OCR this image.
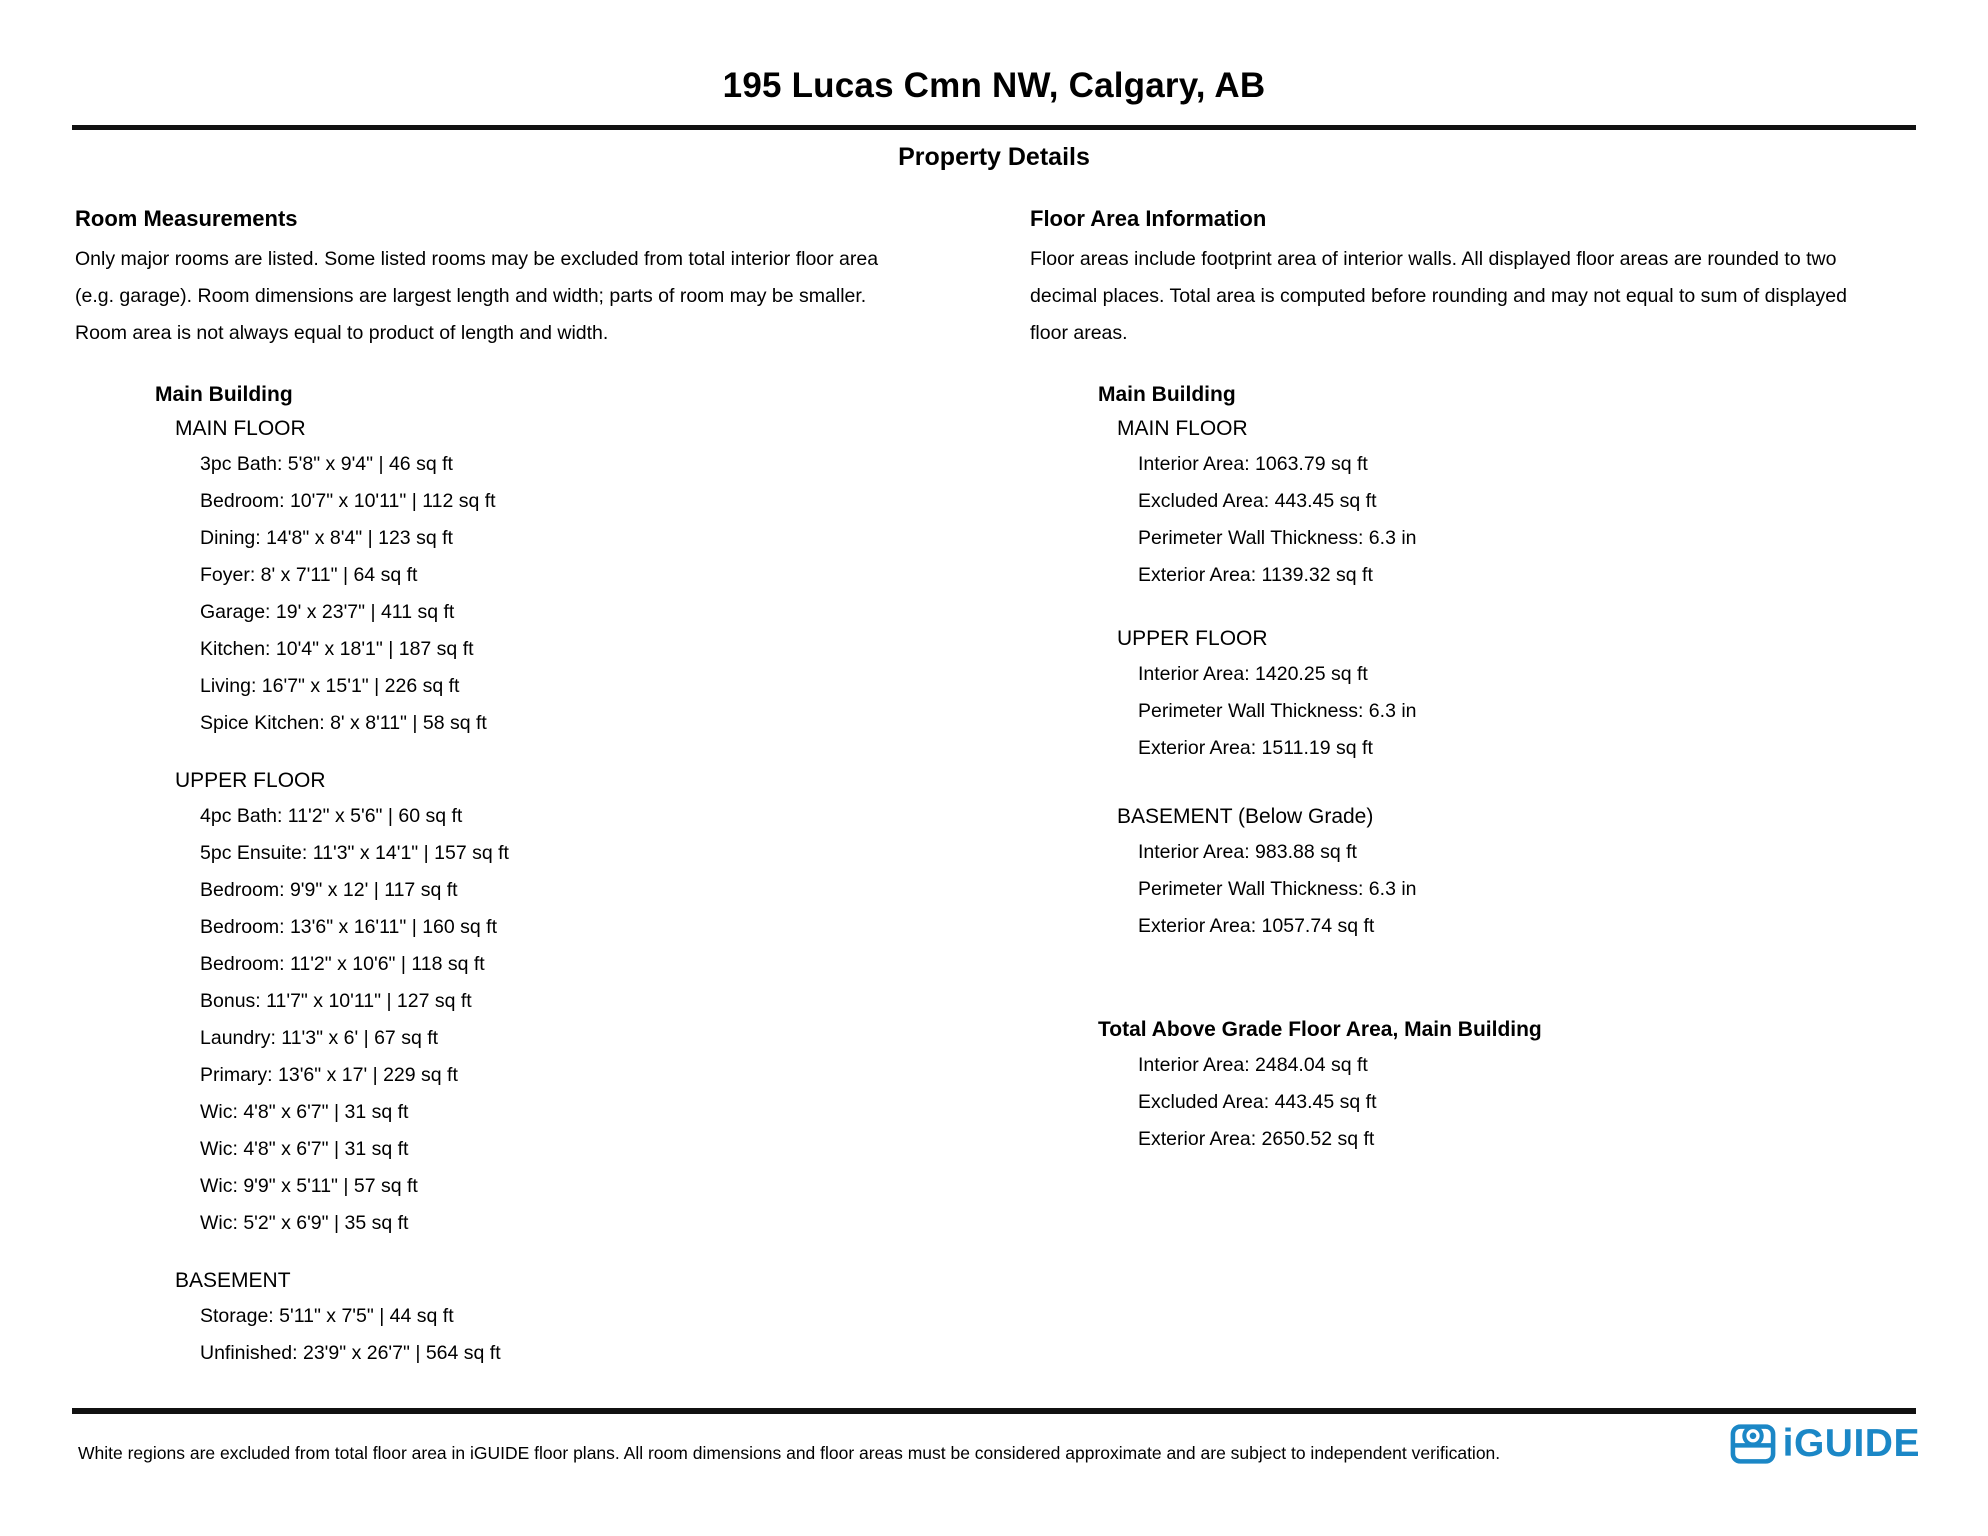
195 Lucas Cmn NW, Calgary, AB
Property Details
Room Measurements
Only major rooms are listed. Some listed rooms may be excluded from total interior floor area
(e.g. garage). Room dimensions are largest length and width; parts of room may be smaller.
Room area is not always equal to product of length and width.
Main Building
MAIN FLOOR
3pc Bath: 5'8" x 9'4" | 46 sq ft
Bedroom: 10'7" x 10'11" | 112 sq ft
Dining: 14'8" x 8'4" | 123 sq ft
Foyer: 8' x 7'11" | 64 sq ft
Garage: 19' x 23'7" | 411 sq ft
Kitchen: 10'4" x 18'1" | 187 sq ft
Living: 16'7" x 15'1" | 226 sq ft
Spice Kitchen: 8' x 8'11" | 58 sq ft
UPPER FLOOR
4pc Bath: 11'2" x 5'6" | 60 sq ft
5pc Ensuite: 11'3" x 14'1" | 157 sq ft
Bedroom: 9'9" x 12' | 117 sq ft
Bedroom: 13'6" x 16'11" | 160 sq ft
Bedroom: 11'2" x 10'6" | 118 sq ft
Bonus: 11'7" x 10'11" | 127 sq ft
Laundry: 11'3" x 6' | 67 sq ft
Primary: 13'6" x 17' | 229 sq ft
Wic: 4'8" x 6'7" | 31 sq ft
Wic: 4'8" x 6'7" | 31 sq ft
Wic: 9'9" x 5'11" | 57 sq ft
Wic: 5'2" x 6'9" | 35 sq ft
BASEMENT
Storage: 5'11" x 7'5" | 44 sq ft
Unfinished: 23'9" x 26'7" | 564 sq ft
Floor Area Information
Floor areas include footprint area of interior walls. All displayed floor areas are rounded to two
decimal places. Total area is computed before rounding and may not equal to sum of displayed
floor areas.
Main Building
MAIN FLOOR
Interior Area: 1063.79 sq ft
Excluded Area: 443.45 sq ft
Perimeter Wall Thickness: 6.3 in
Exterior Area: 1139.32 sq ft
UPPER FLOOR
Interior Area: 1420.25 sq ft
Perimeter Wall Thickness: 6.3 in
Exterior Area: 1511.19 sq ft
BASEMENT (Below Grade)
Interior Area: 983.88 sq ft
Perimeter Wall Thickness: 6.3 in
Exterior Area: 1057.74 sq ft
Total Above Grade Floor Area, Main Building
Interior Area: 2484.04 sq ft
Excluded Area: 443.45 sq ft
Exterior Area: 2650.52 sq ft
White regions are excluded from total floor area in iGUIDE floor plans. All room dimensions and floor areas must be considered approximate and are subject to independent verification.	iGUIDE
